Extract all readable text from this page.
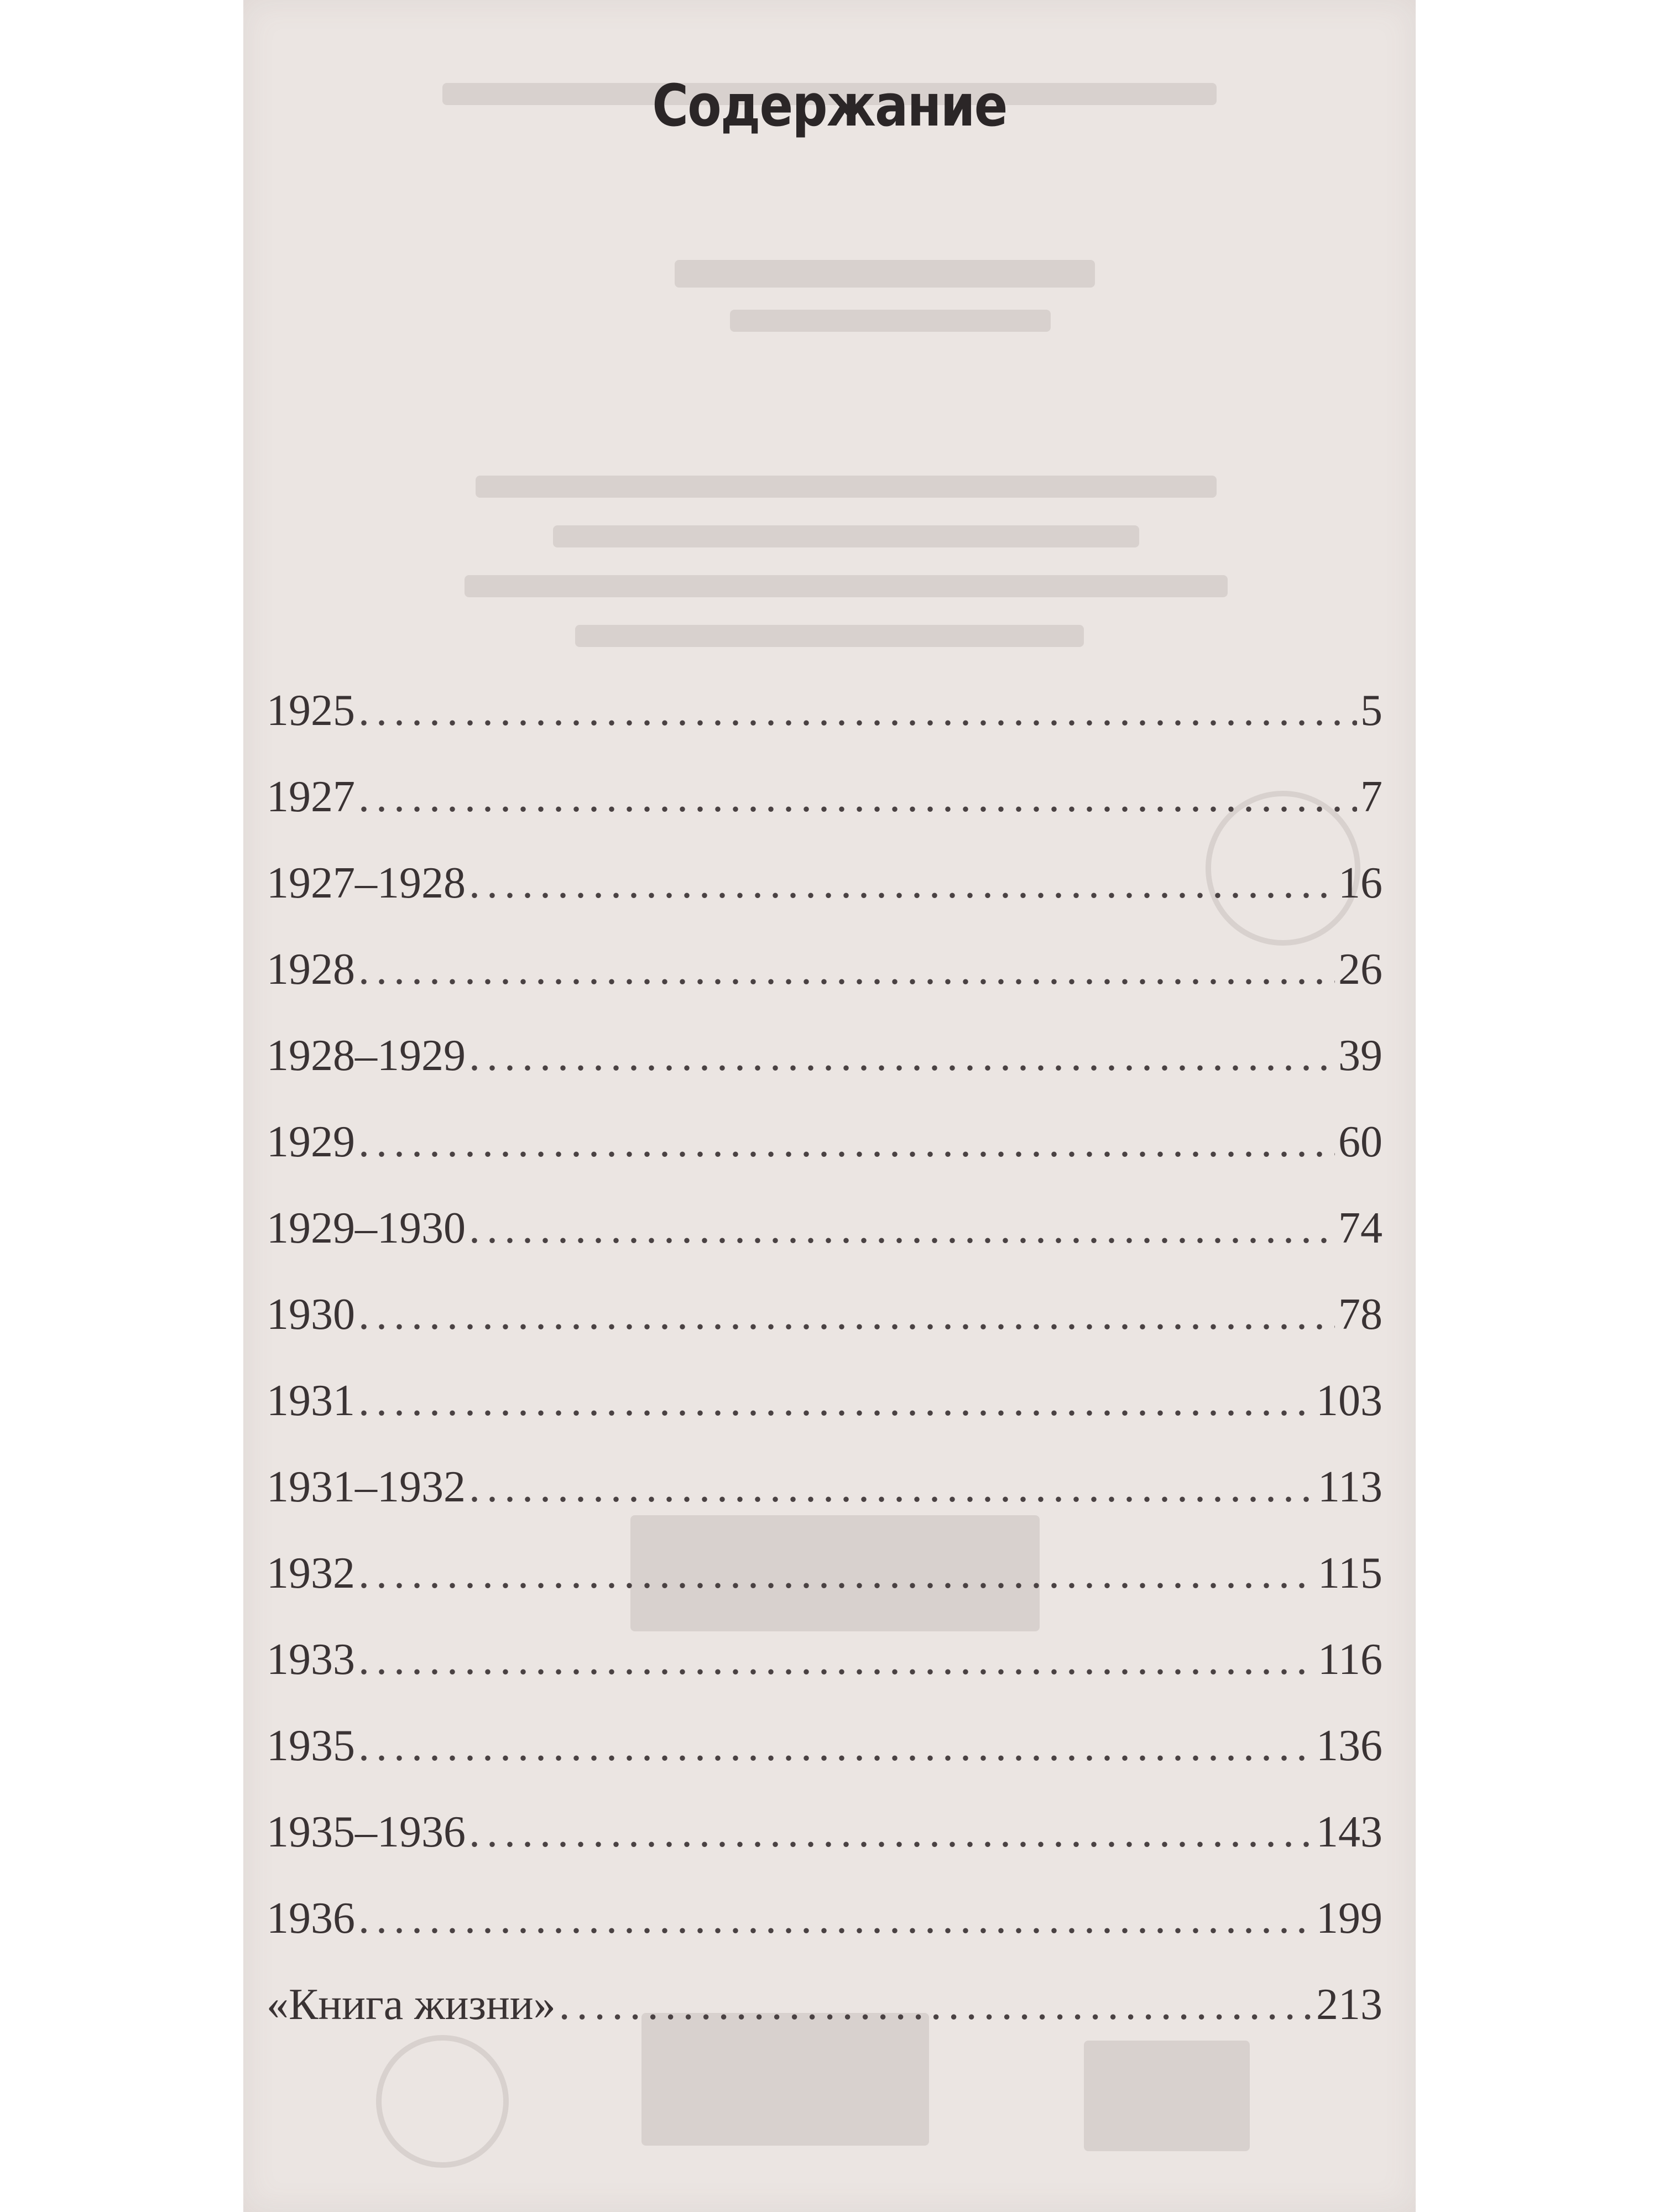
Содержание
1925 . . .	5
1927 . . .	7
1927–1928 . . .	16
1928 . . .	26
1928–1929 . . .	39
1929 . . .	60
1929–1930 . . .	74
1930 . . .	78
1931 . . .	103
1931–1932 . . .	113
1932 . . .	115
1933 . . .	116
1935 . . .	136
1935–1936 . . .	143
1936 . . .	199
«Книга жизни» . . .	213
